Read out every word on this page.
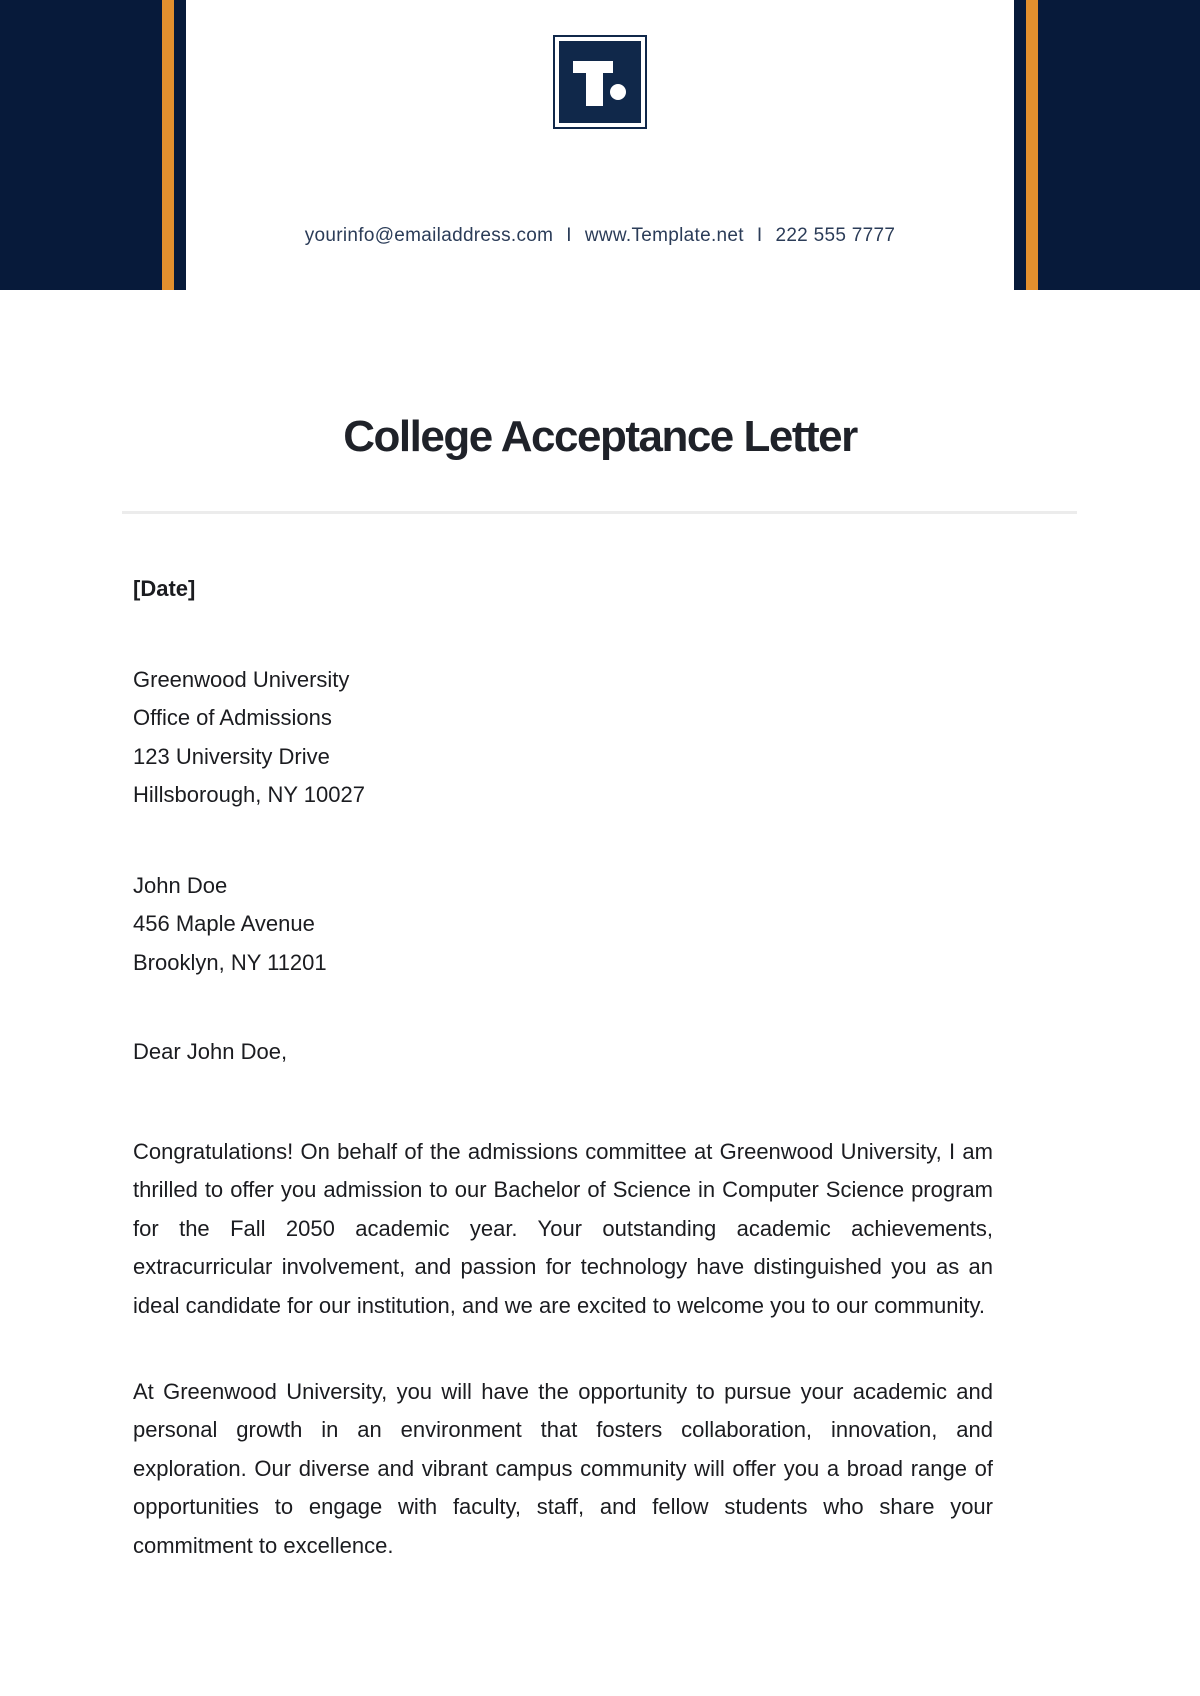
yourinfo@emailaddress.com I www.Template.net I 222 555 7777
College Acceptance Letter
[Date]
Greenwood University
Office of Admissions
123 University Drive
Hillsborough, NY 10027
John Doe
456 Maple Avenue
Brooklyn, NY 11201
Dear John Doe,
Congratulations! On behalf of the admissions committee at Greenwood University, I am thrilled to offer you admission to our Bachelor of Science in Computer Science program for the Fall 2050 academic year. Your outstanding academic achievements, extracurricular involvement, and passion for technology have distinguished you as an ideal candidate for our institution, and we are excited to welcome you to our community.
At Greenwood University, you will have the opportunity to pursue your academic and personal growth in an environment that fosters collaboration, innovation, and exploration. Our diverse and vibrant campus community will offer you a broad range of opportunities to engage with faculty, staff, and fellow students who share your commitment to excellence.
